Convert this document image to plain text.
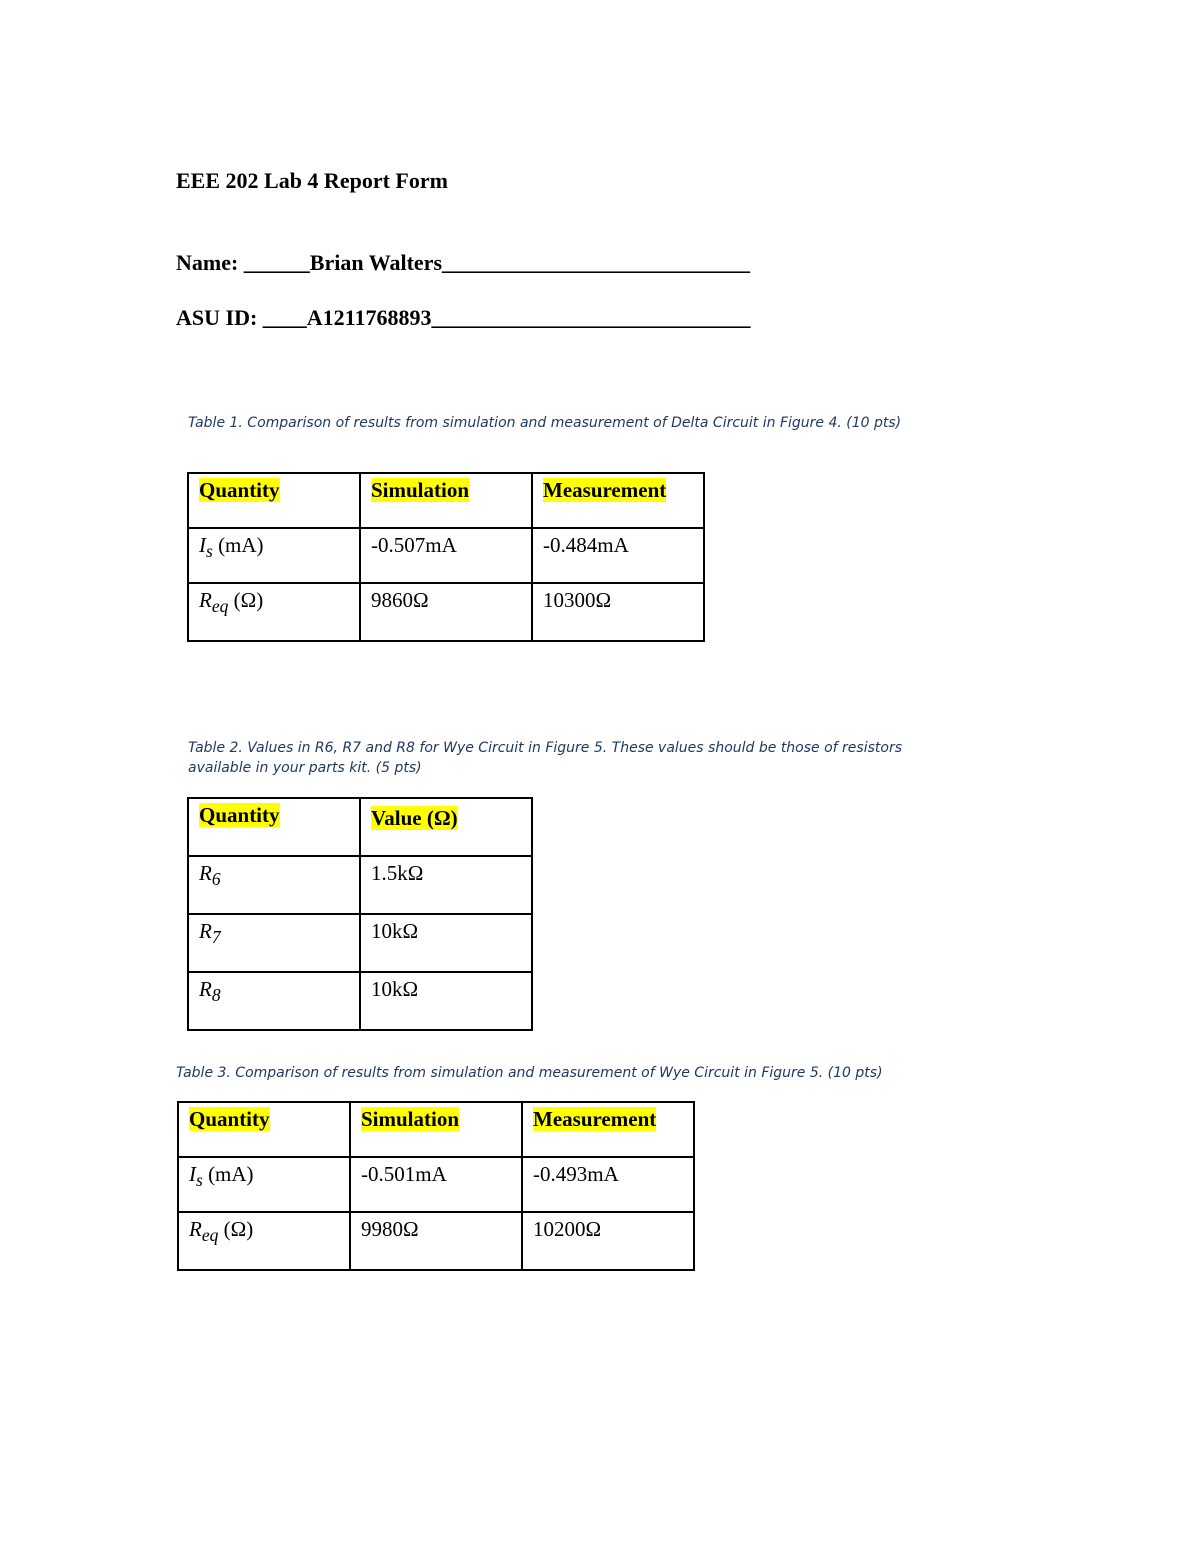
EEE 202 Lab 4 Report Form
Name: ______Brian Walters____________________________
ASU ID: ____A1211768893_____________________________

Table 1. Comparison of results from simulation and measurement of Delta Circuit in Figure 4. (10 pts)

Quantity	Simulation	Measurement

$I_s$ (mA)	-0.507mA	-0.484mA

$R_{eq}$ (Ω)	9860Ω	10300Ω

Table 2. Values in R6, R7 and R8 for Wye Circuit in Figure 5. These values should be those of resistors available in your parts kit. (5 pts)

Quantity	Value (Ω)

$R_6$	1.5kΩ

$R_7$	10kΩ

$R_8$	10kΩ

Table 3. Comparison of results from simulation and measurement of Wye Circuit in Figure 5. (10 pts)

Quantity	Simulation	Measurement

$I_s$ (mA)	-0.501mA	-0.493mA

$R_{eq}$ (Ω)	9980Ω	10200Ω
